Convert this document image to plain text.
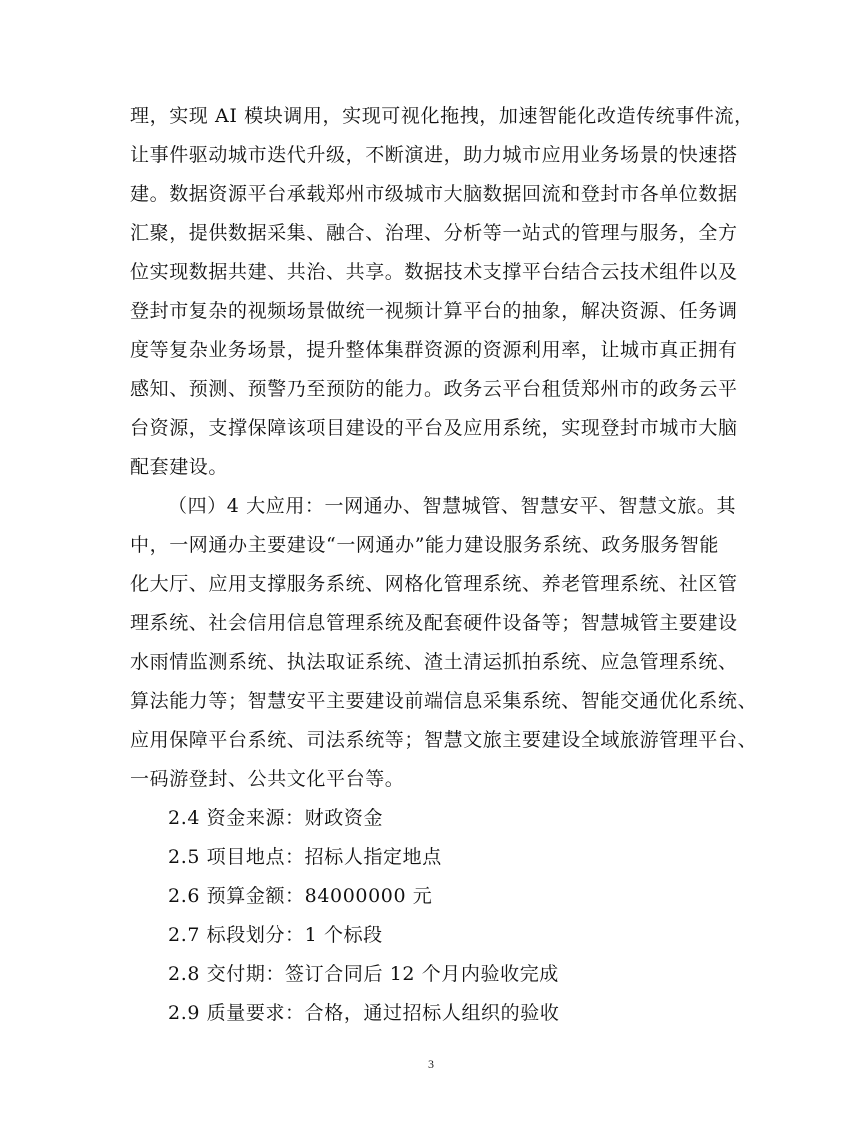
理，实现 AI 模块调用，实现可视化拖拽，加速智能化改造传统事件流，
让事件驱动城市迭代升级，不断演进，助力城市应用业务场景的快速搭
建。数据资源平台承载郑州市级城市大脑数据回流和登封市各单位数据
汇聚，提供数据采集、融合、治理、分析等一站式的管理与服务，全方
位实现数据共建、共治、共享。数据技术支撑平台结合云技术组件以及
登封市复杂的视频场景做统一视频计算平台的抽象，解决资源、任务调
度等复杂业务场景，提升整体集群资源的资源利用率，让城市真正拥有
感知、预测、预警乃至预防的能力。政务云平台租赁郑州市的政务云平
台资源，支撑保障该项目建设的平台及应用系统，实现登封市城市大脑
配套建设。
（四）4 大应用：一网通办、智慧城管、智慧安平、智慧文旅。其
中，一网通办主要建设“一网通办”能力建设服务系统、政务服务智能
化大厅、应用支撑服务系统、网格化管理系统、养老管理系统、社区管
理系统、社会信用信息管理系统及配套硬件设备等；智慧城管主要建设
水雨情监测系统、执法取证系统、渣土清运抓拍系统、应急管理系统、
算法能力等；智慧安平主要建设前端信息采集系统、智能交通优化系统、
应用保障平台系统、司法系统等；智慧文旅主要建设全域旅游管理平台、
一码游登封、公共文化平台等。
2.4 资金来源：财政资金
2.5 项目地点：招标人指定地点
2.6 预算金额：84000000 元
2.7 标段划分：1 个标段
2.8 交付期：签订合同后 12 个月内验收完成
2.9 质量要求：合格，通过招标人组织的验收
3
